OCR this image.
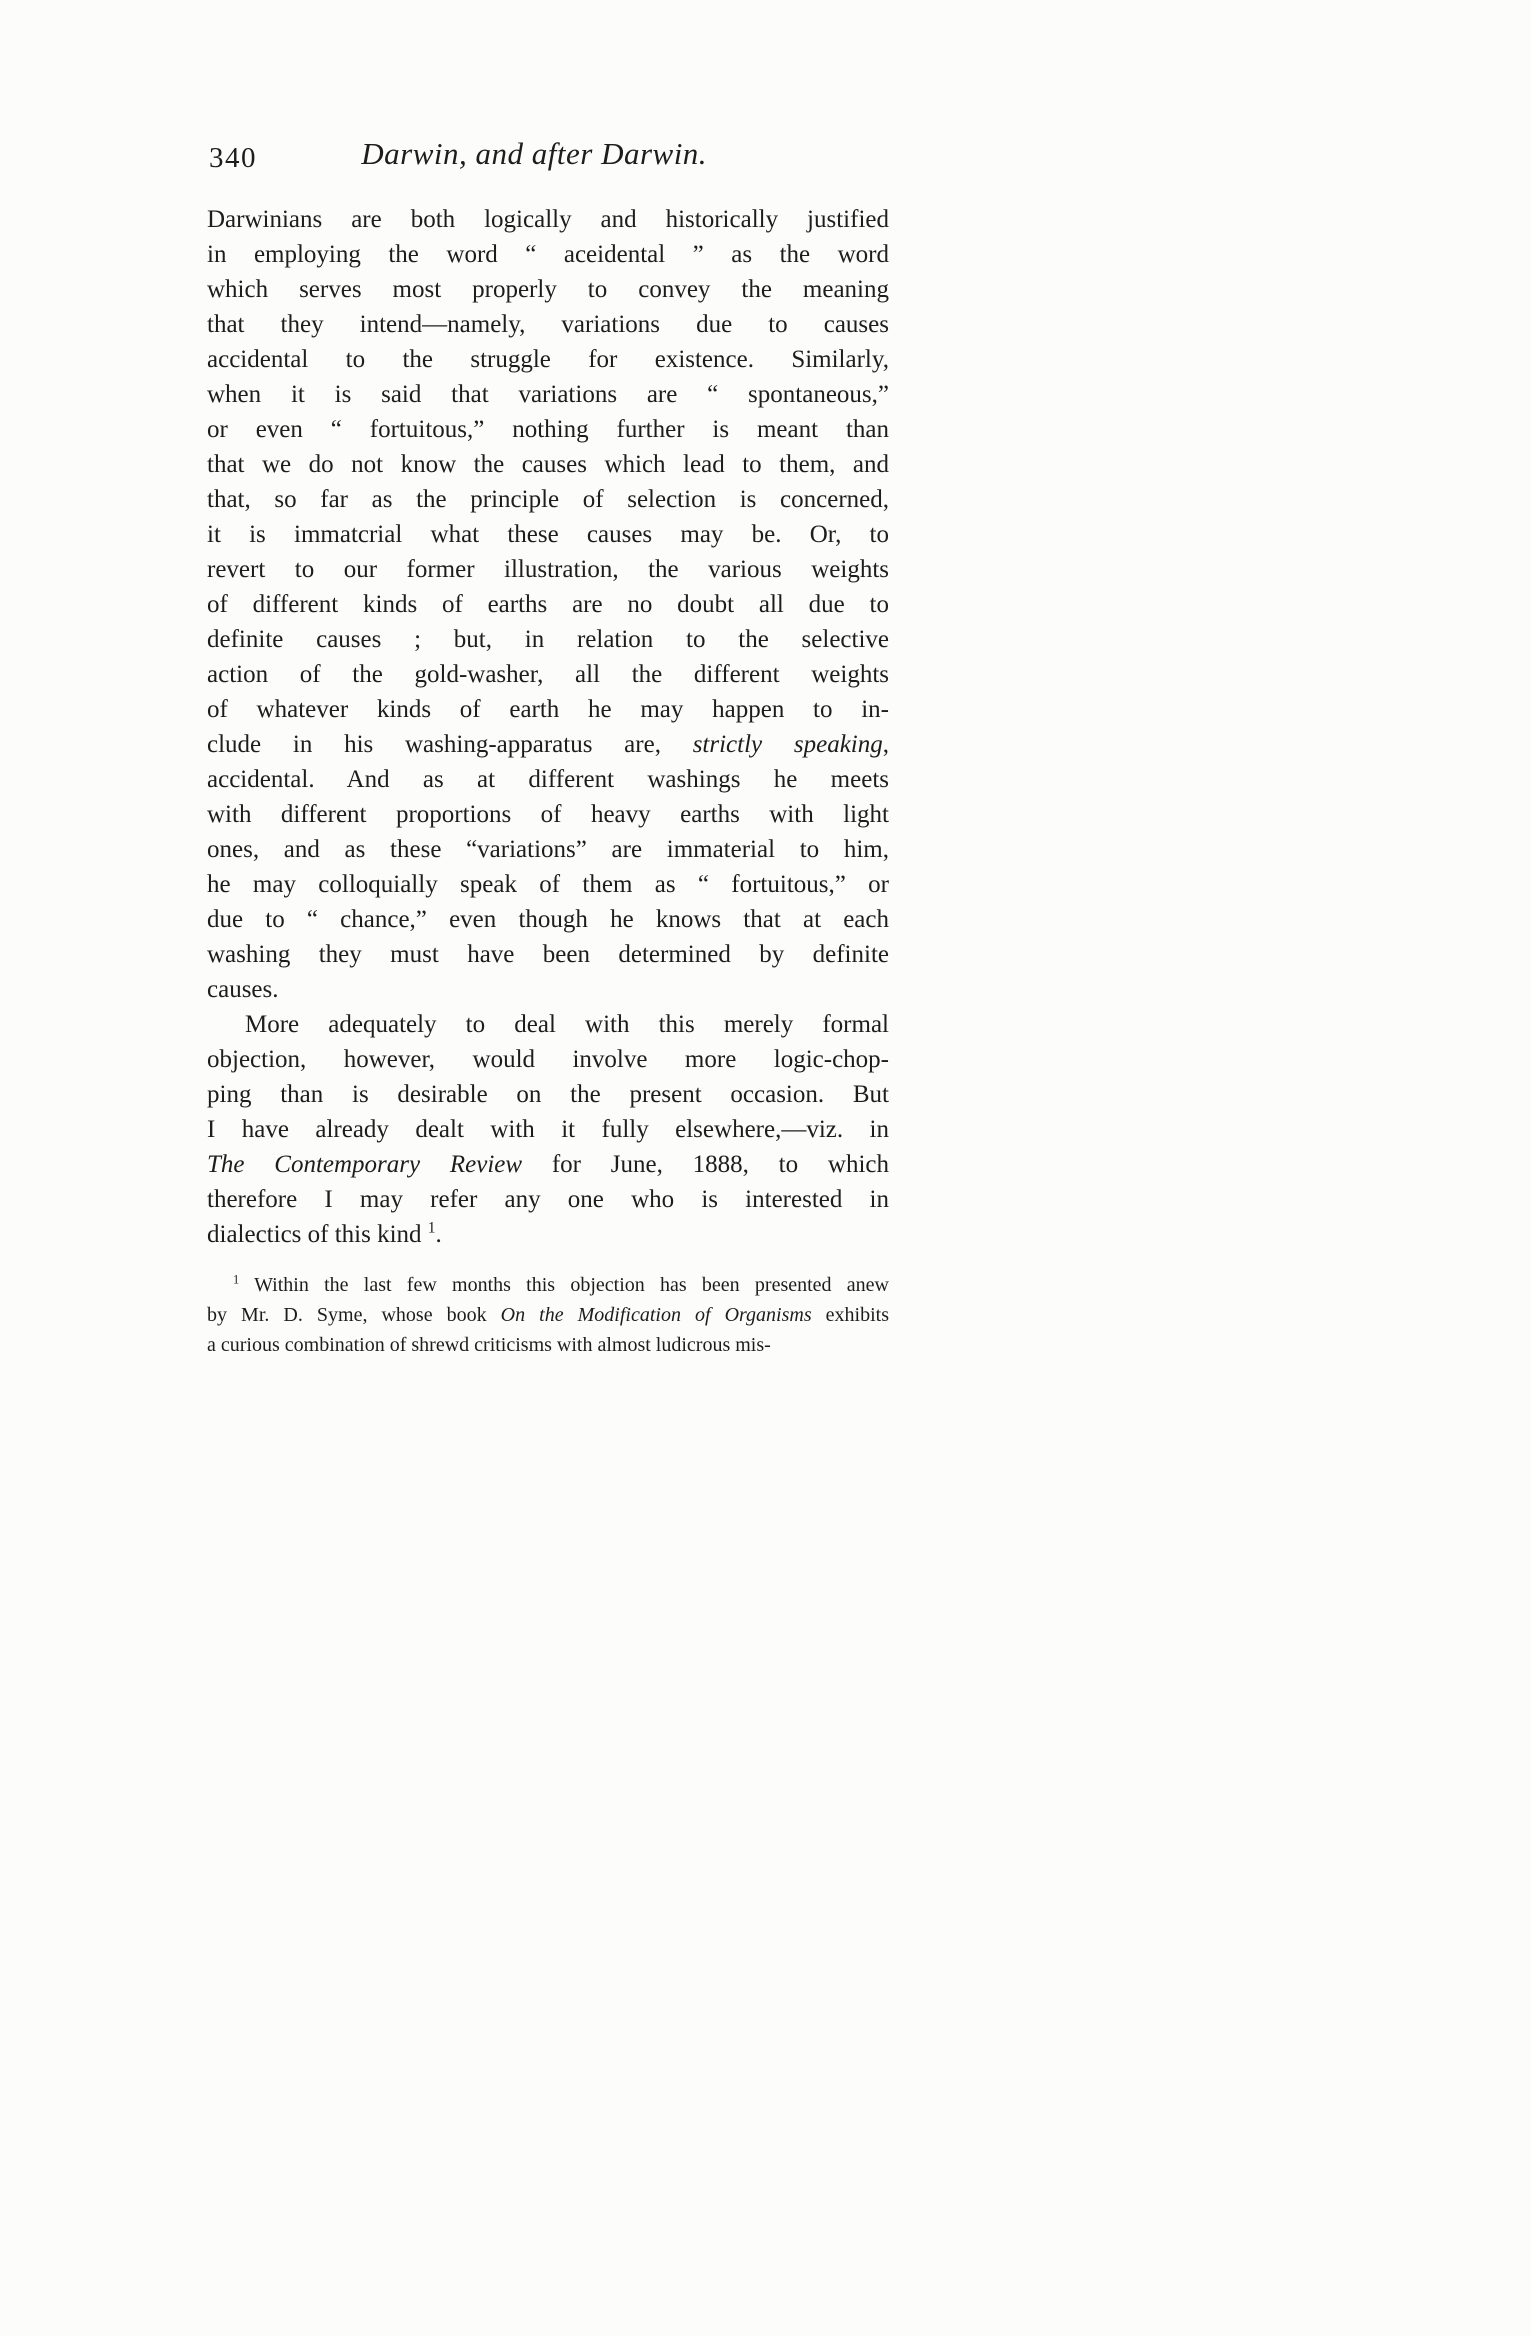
340	Darwin, and after Darwin.
Darwinians are both logically and historically justified
in employing the word “ aceidental ” as the word
which serves most properly to convey the meaning
that they intend—namely, variations due to causes
accidental to the struggle for existence. Similarly,
when it is said that variations are “ spontaneous,”
or even “ fortuitous,” nothing further is meant than
that we do not know the causes which lead to them, and
that, so far as the principle of selection is concerned,
it is immatcrial what these causes may be. Or, to
revert to our former illustration, the various weights
of different kinds of earths are no doubt all due to
definite causes ; but, in relation to the selective
action of the gold-washer, all the different weights
of whatever kinds of earth he may happen to in-
clude in his washing-apparatus are, strictly speaking,
accidental. And as at different washings he meets
with different proportions of heavy earths with light
ones, and as these “variations” are immaterial to him,
he may colloquially speak of them as “ fortuitous,” or
due to “ chance,” even though he knows that at each
washing they must have been determined by definite
causes.
More adequately to deal with this merely formal
objection, however, would involve more logic-chop-
ping than is desirable on the present occasion. But
I have already dealt with it fully elsewhere,—viz. in
The Contemporary Review for June, 1888, to which
therefore I may refer any one who is interested in
dialectics of this kind $^1$.
$^1$ Within the last few months this objection has been presented anew
by Mr. D. Syme, whose book On the Modification of Organisms exhibits
a curious combination of shrewd criticisms with almost ludicrous mis-
